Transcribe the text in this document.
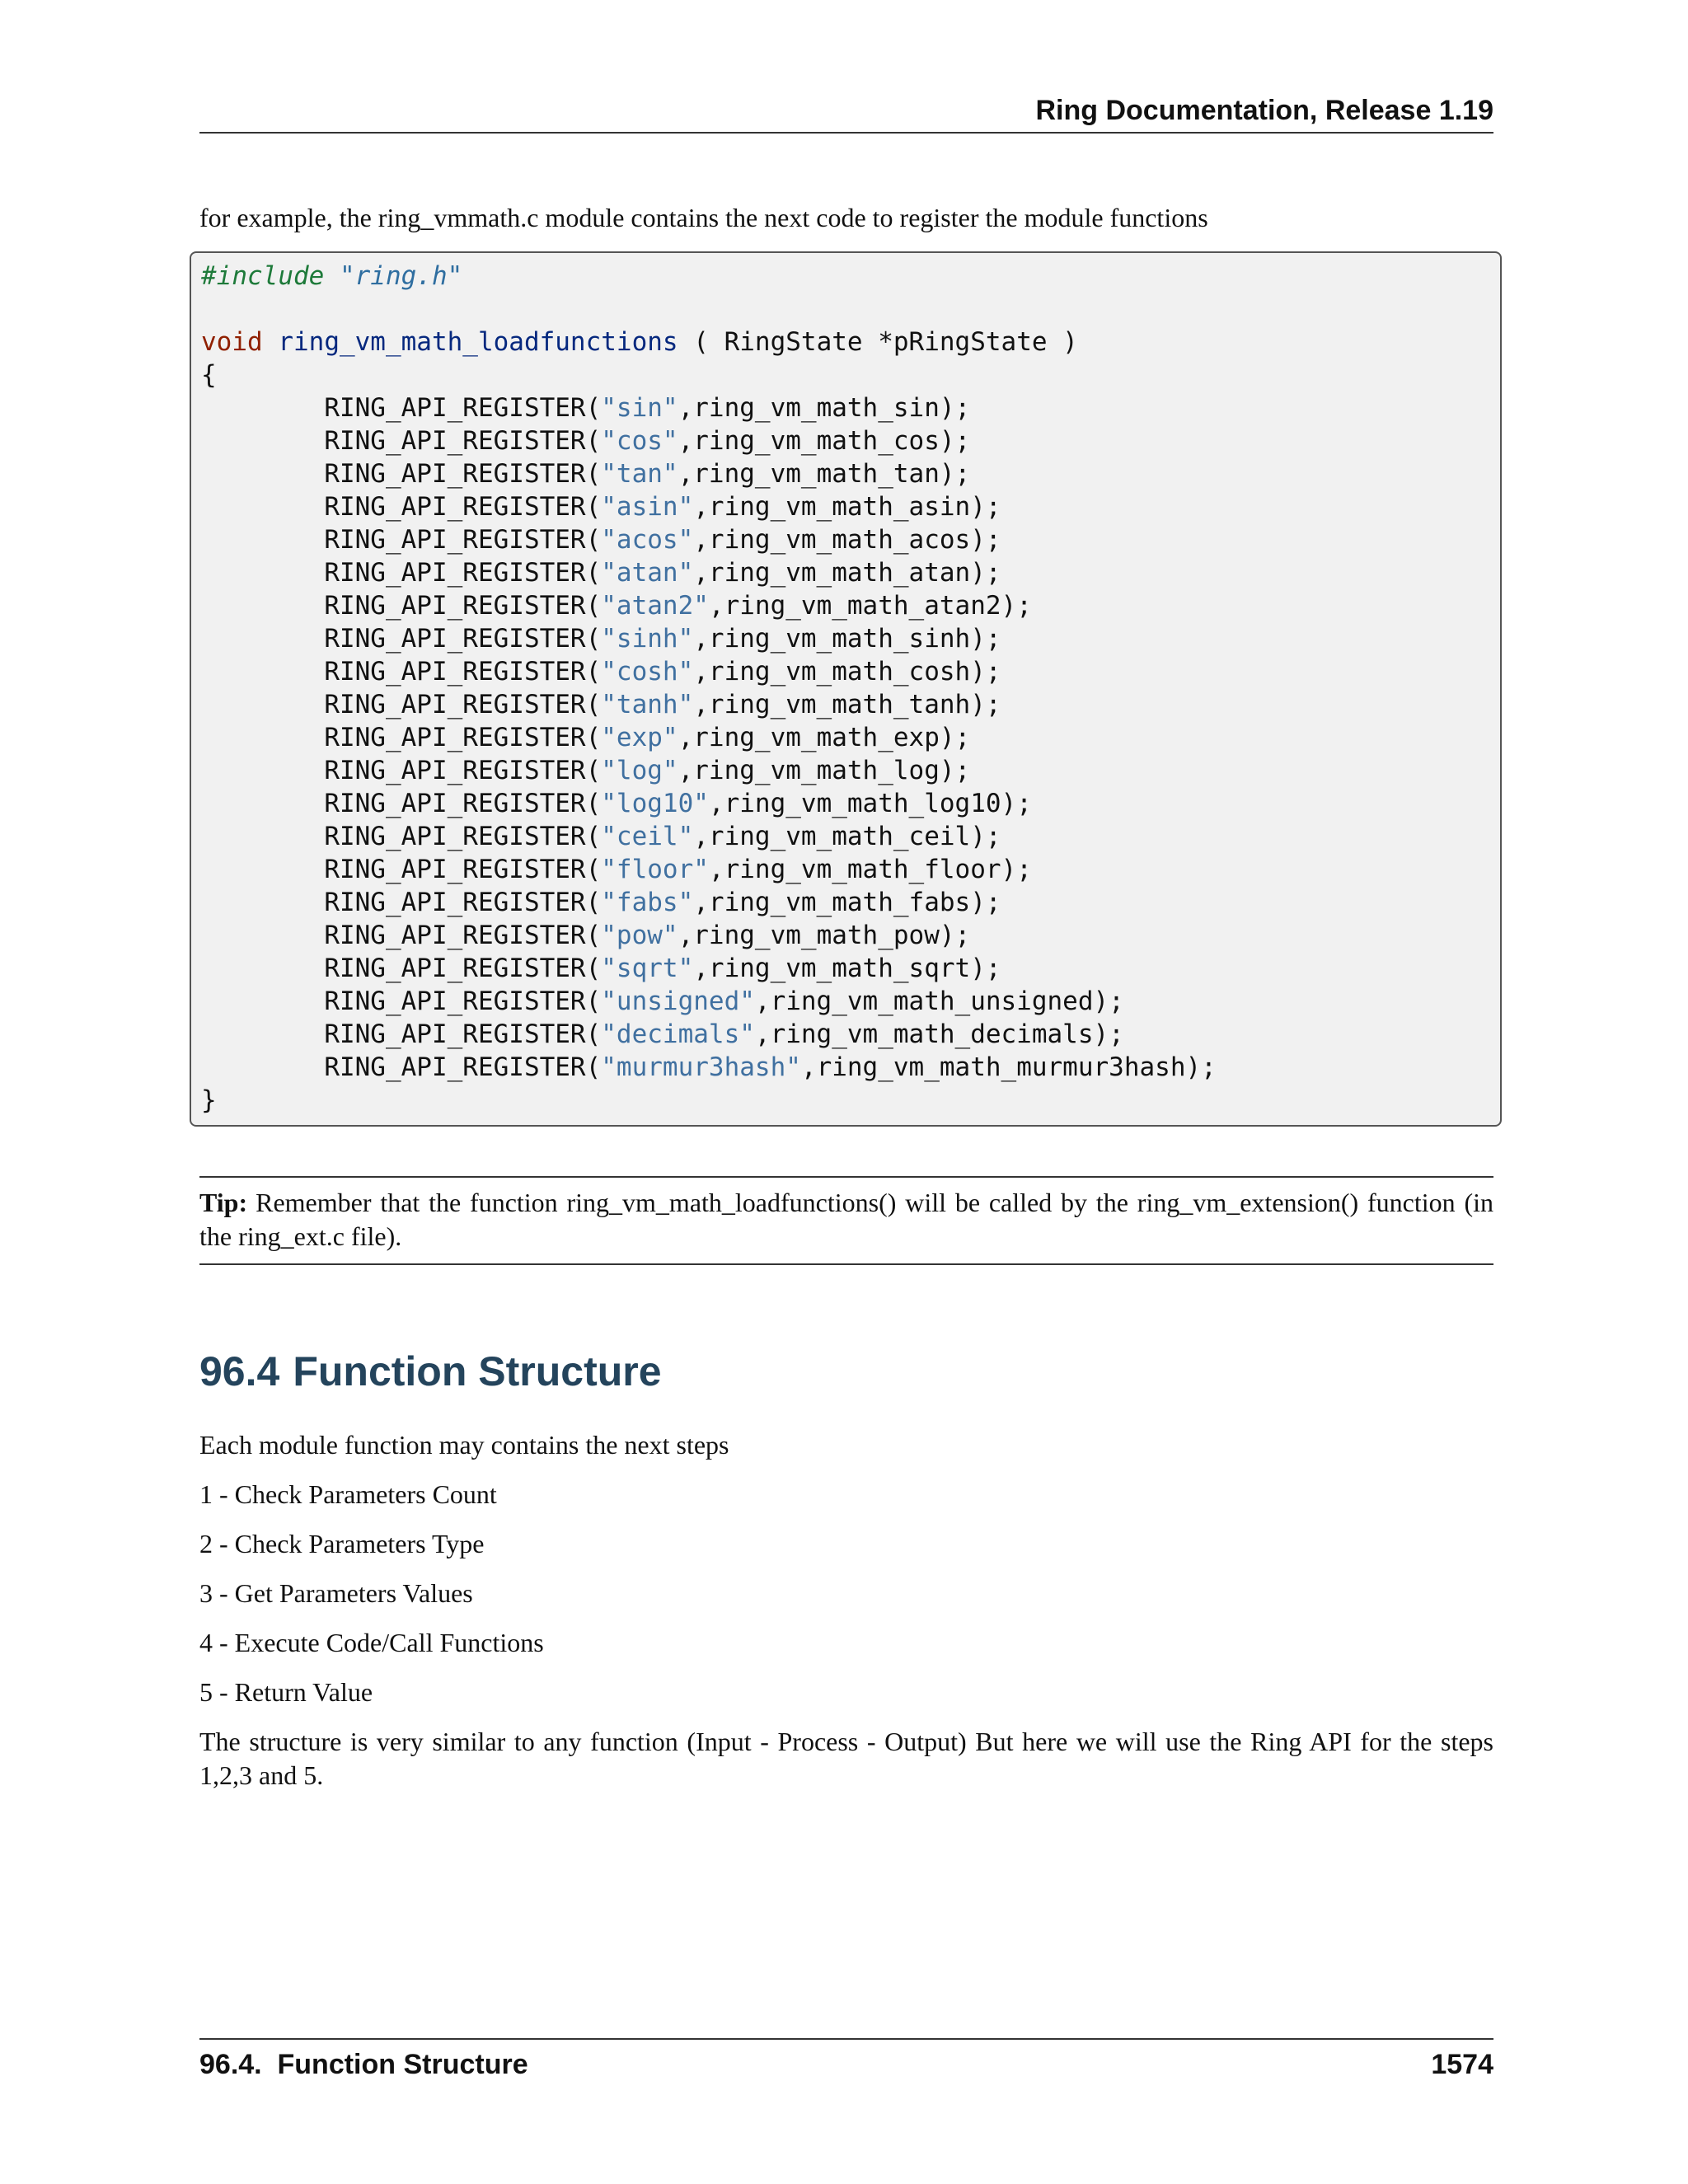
Ring Documentation, Release 1.19
for example, the ring_vmmath.c module contains the next code to register the module functions
#include "ring.h"

void ring_vm_math_loadfunctions ( RingState *pRingState )
{
RING_API_REGISTER("sin",ring_vm_math_sin);
RING_API_REGISTER("cos",ring_vm_math_cos);
RING_API_REGISTER("tan",ring_vm_math_tan);
RING_API_REGISTER("asin",ring_vm_math_asin);
RING_API_REGISTER("acos",ring_vm_math_acos);
RING_API_REGISTER("atan",ring_vm_math_atan);
RING_API_REGISTER("atan2",ring_vm_math_atan2);
RING_API_REGISTER("sinh",ring_vm_math_sinh);
RING_API_REGISTER("cosh",ring_vm_math_cosh);
RING_API_REGISTER("tanh",ring_vm_math_tanh);
RING_API_REGISTER("exp",ring_vm_math_exp);
RING_API_REGISTER("log",ring_vm_math_log);
RING_API_REGISTER("log10",ring_vm_math_log10);
RING_API_REGISTER("ceil",ring_vm_math_ceil);
RING_API_REGISTER("floor",ring_vm_math_floor);
RING_API_REGISTER("fabs",ring_vm_math_fabs);
RING_API_REGISTER("pow",ring_vm_math_pow);
RING_API_REGISTER("sqrt",ring_vm_math_sqrt);
RING_API_REGISTER("unsigned",ring_vm_math_unsigned);
RING_API_REGISTER("decimals",ring_vm_math_decimals);
RING_API_REGISTER("murmur3hash",ring_vm_math_murmur3hash);
}
Tip: Remember that the function ring_vm_math_loadfunctions() will be called by the ring_vm_extension() function (in the ring_ext.c file).
96.4 Function Structure

Each module function may contains the next steps

1 - Check Parameters Count

2 - Check Parameters Type

3 - Get Parameters Values

4 - Execute Code/Call Functions

5 - Return Value

The structure is very similar to any function (Input - Process - Output) But here we will use the Ring API for the steps 1,2,3 and 5.

96.4.  Function Structure	1574
